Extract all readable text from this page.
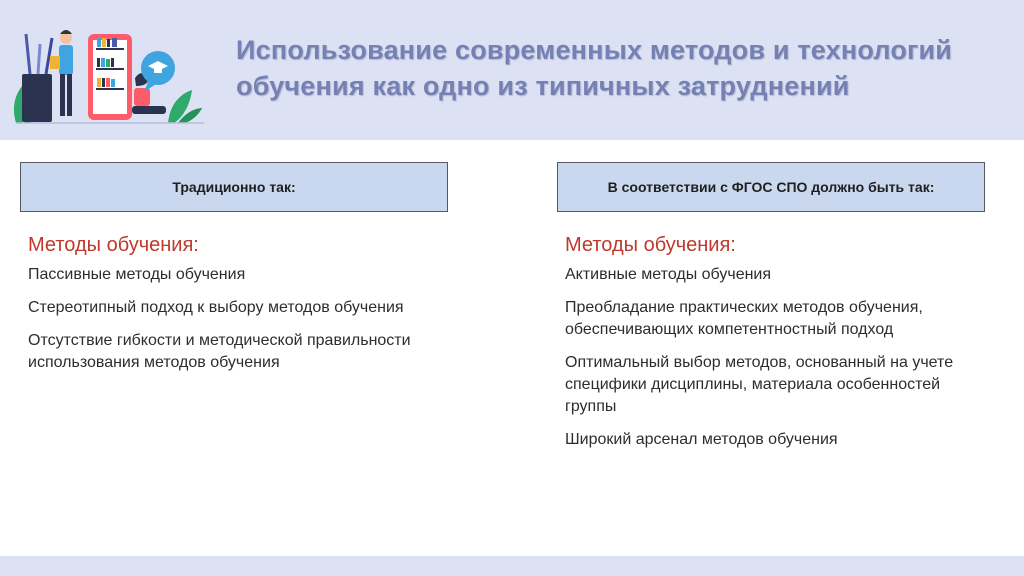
Использование современных методов и технологий
обучения как одно из типичных затруднений
Традиционно так:	В соответствии с ФГОС СПО должно быть так:
Методы обучения:
Пассивные методы обучения
Стереотипный подход к выбору методов обучения
Отсутствие гибкости и методической правильности использования методов обучения
Методы обучения:
Активные методы обучения
Преобладание практических методов обучения, обеспечивающих компетентностный подход
Оптимальный выбор методов, основанный на учете специфики дисциплины, материала особенностей группы
Широкий арсенал методов обучения
